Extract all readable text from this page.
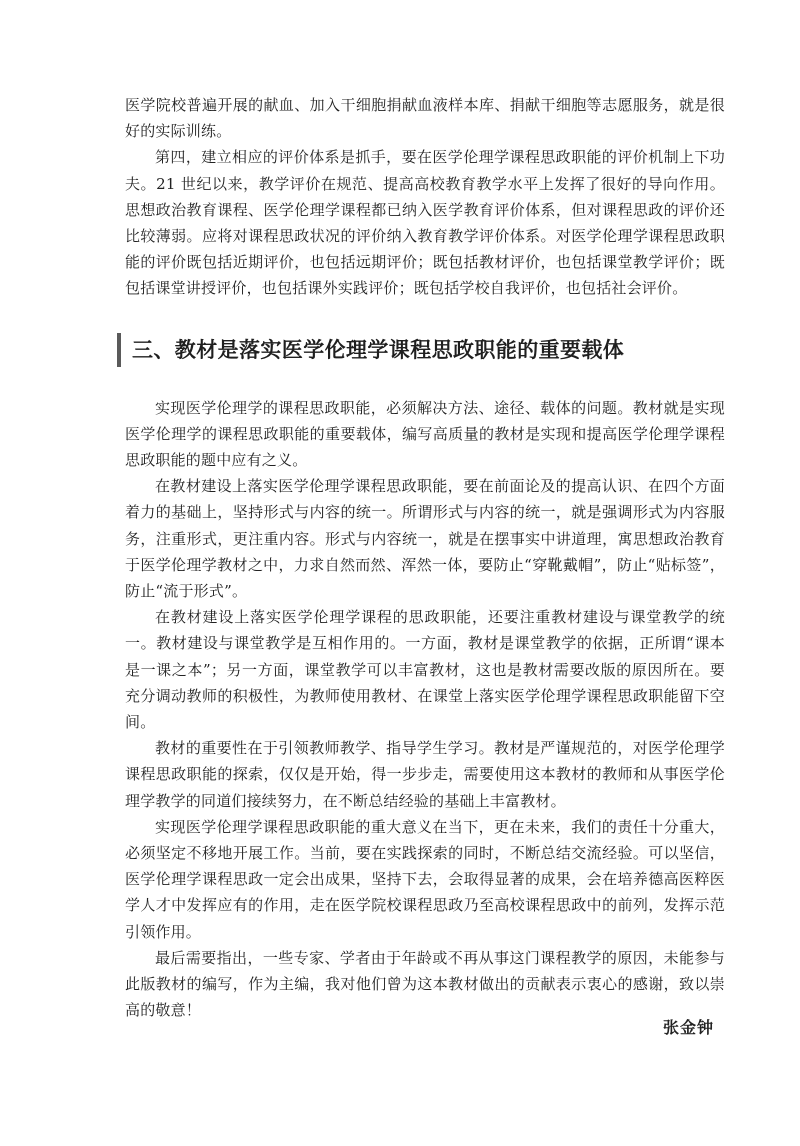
医学院校普遍开展的献血、加入干细胞捐献血液样本库、捐献干细胞等志愿服务，就是很好的实际训练。

第四，建立相应的评价体系是抓手，要在医学伦理学课程思政职能的评价机制上下功夫。21 世纪以来，教学评价在规范、提高高校教育教学水平上发挥了很好的导向作用。思想政治教育课程、医学伦理学课程都已纳入医学教育评价体系，但对课程思政的评价还比较薄弱。应将对课程思政状况的评价纳入教育教学评价体系。对医学伦理学课程思政职能的评价既包括近期评价，也包括远期评价；既包括教材评价，也包括课堂教学评价；既包括课堂讲授评价，也包括课外实践评价；既包括学校自我评价，也包括社会评价。

三、教材是落实医学伦理学课程思政职能的重要载体

实现医学伦理学的课程思政职能，必须解决方法、途径、载体的问题。教材就是实现医学伦理学的课程思政职能的重要载体，编写高质量的教材是实现和提高医学伦理学课程思政职能的题中应有之义。

在教材建设上落实医学伦理学课程思政职能，要在前面论及的提高认识、在四个方面着力的基础上，坚持形式与内容的统一。所谓形式与内容的统一，就是强调形式为内容服务，注重形式，更注重内容。形式与内容统一，就是在摆事实中讲道理，寓思想政治教育于医学伦理学教材之中，力求自然而然、浑然一体，要防止“穿靴戴帽”，防止“贴标签”，防止“流于形式”。

在教材建设上落实医学伦理学课程的思政职能，还要注重教材建设与课堂教学的统一。教材建设与课堂教学是互相作用的。一方面，教材是课堂教学的依据，正所谓“课本是一课之本”；另一方面，课堂教学可以丰富教材，这也是教材需要改版的原因所在。要充分调动教师的积极性，为教师使用教材、在课堂上落实医学伦理学课程思政职能留下空间。

教材的重要性在于引领教师教学、指导学生学习。教材是严谨规范的，对医学伦理学课程思政职能的探索，仅仅是开始，得一步步走，需要使用这本教材的教师和从事医学伦理学教学的同道们接续努力，在不断总结经验的基础上丰富教材。

实现医学伦理学课程思政职能的重大意义在当下，更在未来，我们的责任十分重大，必须坚定不移地开展工作。当前，要在实践探索的同时，不断总结交流经验。可以坚信，医学伦理学课程思政一定会出成果，坚持下去，会取得显著的成果，会在培养德高医粹医学人才中发挥应有的作用，走在医学院校课程思政乃至高校课程思政中的前列，发挥示范引领作用。

最后需要指出，一些专家、学者由于年龄或不再从事这门课程教学的原因，未能参与此版教材的编写，作为主编，我对他们曾为这本教材做出的贡献表示衷心的感谢，致以崇高的敬意！

张金钟
